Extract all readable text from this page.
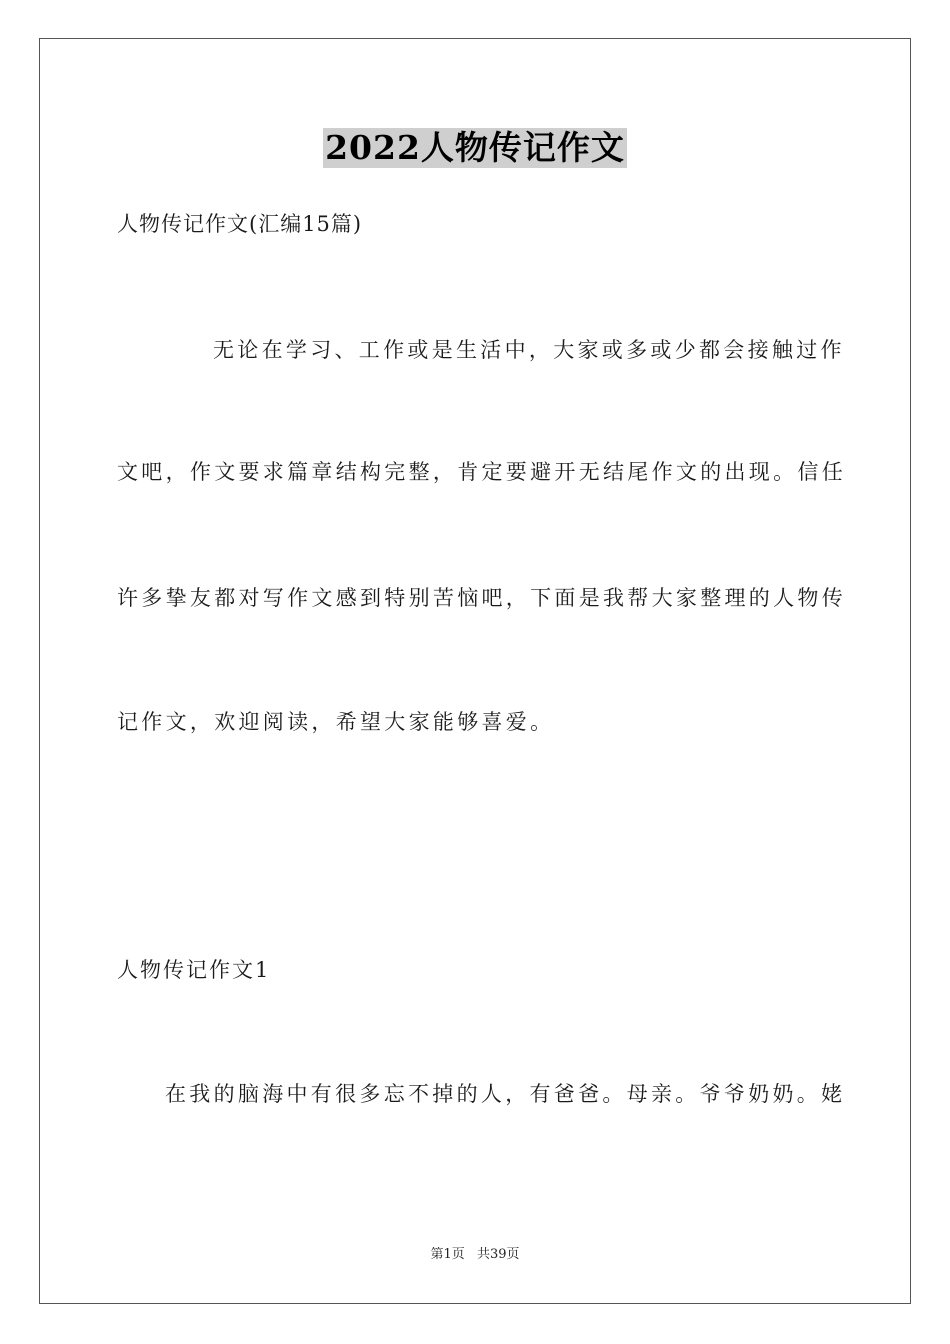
2022人物传记作文
人物传记作文(汇编15篇)
无论在学习、工作或是生活中，大家或多或少都会接触过作
文吧，作文要求篇章结构完整，肯定要避开无结尾作文的出现。信任
许多挚友都对写作文感到特别苦恼吧，下面是我帮大家整理的人物传
记作文，欢迎阅读，希望大家能够喜爱。
人物传记作文1
在我的脑海中有很多忘不掉的人，有爸爸。母亲。爷爷奶奶。姥
第1页 共39页
